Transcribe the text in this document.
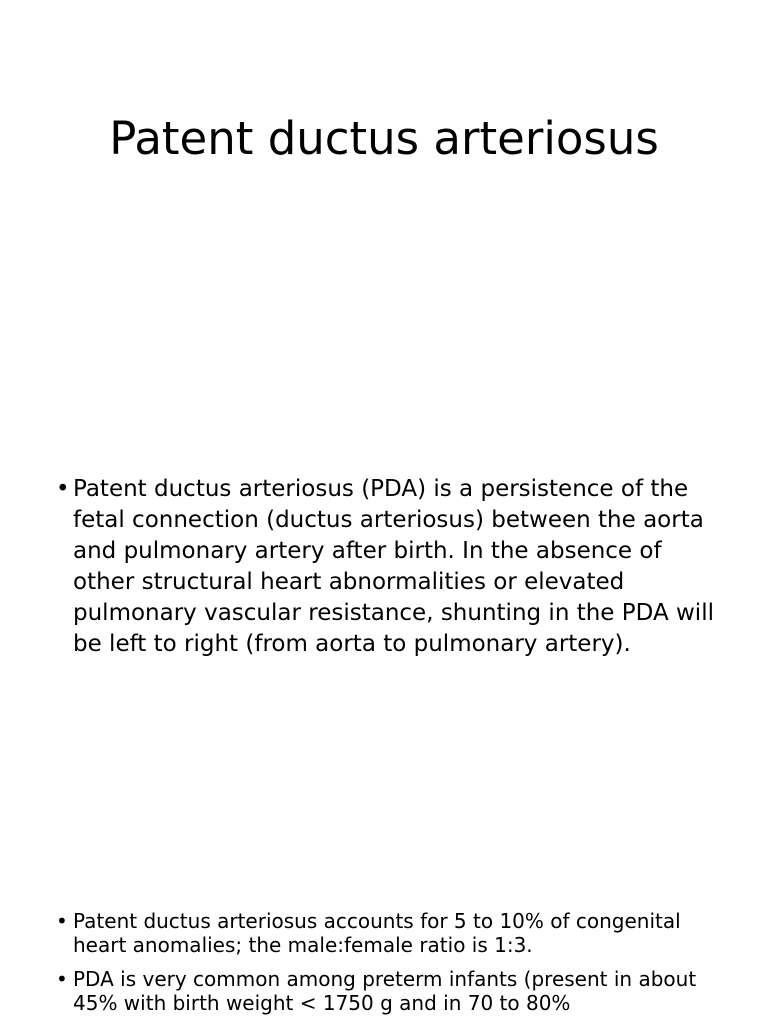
Patent ductus arteriosus
• Patent ductus arteriosus (PDA) is a persistence of the fetal connection (ductus arteriosus) between the aorta and pulmonary artery after birth. In the absence of other structural heart abnormalities or elevated pulmonary vascular resistance, shunting in the PDA will be left to right (from aorta to pulmonary artery).
• Patent ductus arteriosus accounts for 5 to 10% of congenital heart anomalies; the male:female ratio is 1:3.
• PDA is very common among preterm infants (present in about 45% with birth weight < 1750 g and in 70 to 80%
